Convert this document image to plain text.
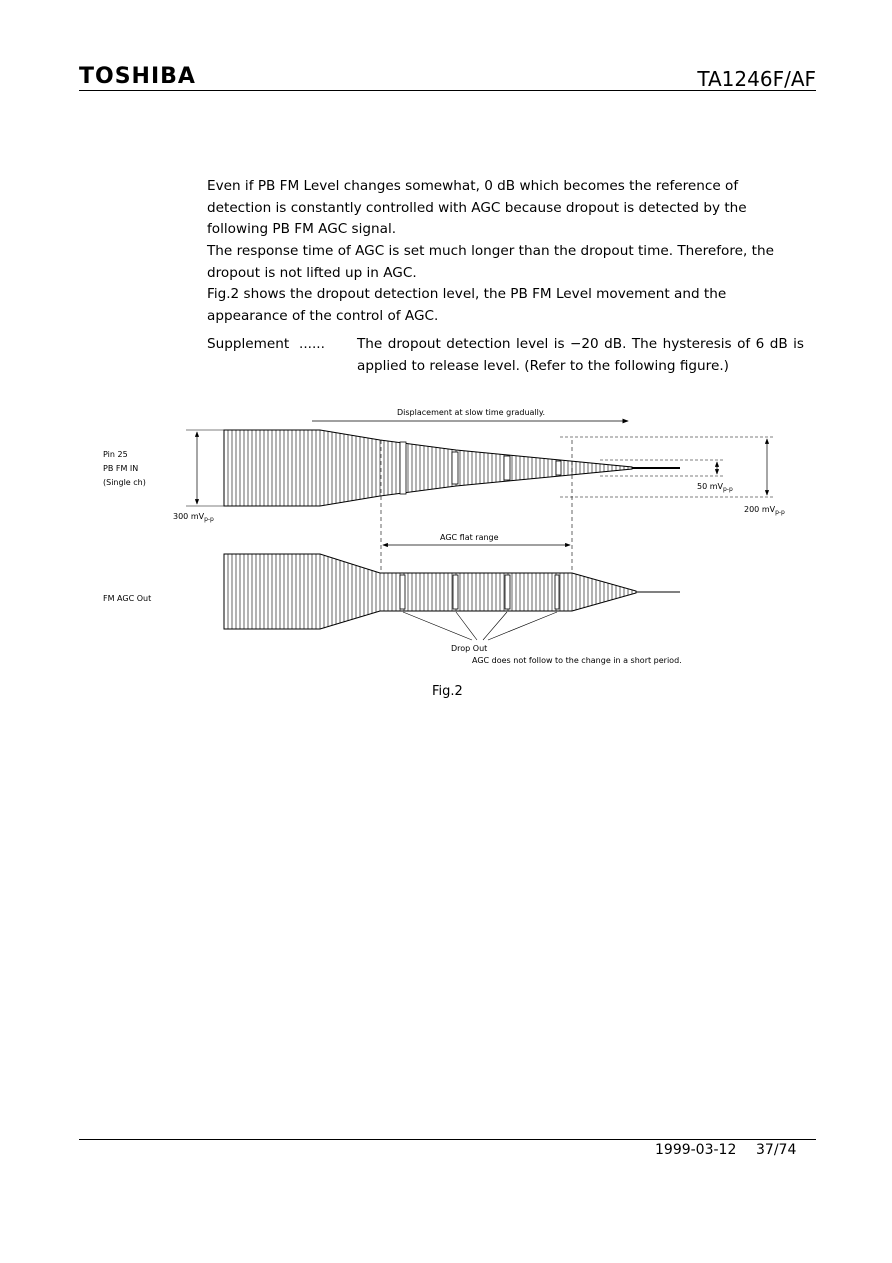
TOSHIBA	TA1246F/AF
Even if PB FM Level changes somewhat, 0 dB which becomes the reference of detection is constantly controlled with AGC because dropout is detected by the following PB FM AGC signal.
The response time of AGC is set much longer than the dropout time. Therefore, the dropout is not lifted up in AGC.
Fig.2 shows the dropout detection level, the PB FM Level movement and the appearance of the control of AGC.
Supplement ...... The dropout detection level is −20 dB. The hysteresis of 6 dB is applied to release level. (Refer to the following figure.)
Displacement at slow time gradually.
Pin 25
PB FM IN
(Single ch)
300 $mV_{p-p}$
50 $mV_{p-p}$
200 $mV_{p-p}$
AGC flat range
FM AGC Out
Drop Out
AGC does not follow to the change in a short period.
Fig.2
1999-03-12 37/74
